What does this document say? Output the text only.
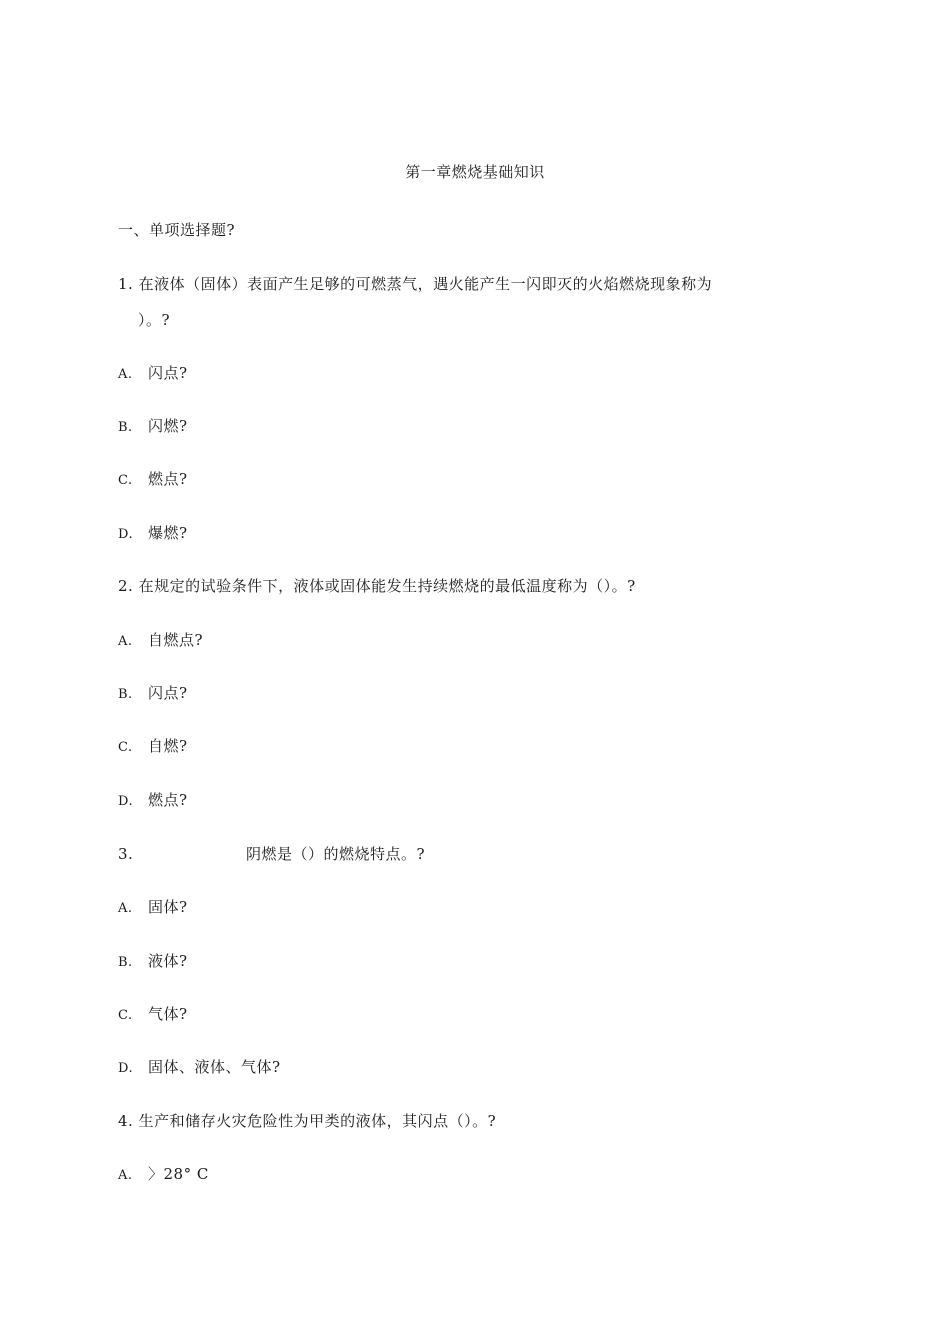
第一章燃烧基础知识
一、单项选择题?
1. 在液体（固体）表面产生足够的可燃蒸气，遇火能产生一闪即灭的火焰燃烧现象称为
）。?
A. 闪点?
B. 闪燃?
C. 燃点?
D. 爆燃?
2. 在规定的试验条件下，液体或固体能发生持续燃烧的最低温度称为（）。?
A. 自燃点?
B. 闪点?
C. 自燃?
D. 燃点?
3.	阴燃是（）的燃烧特点。?
A. 固体?
B. 液体?
C. 气体?
D. 固体、液体、气体?
4. 生产和储存火灾危险性为甲类的液体，其闪点（）。?
A. 〉28° C
